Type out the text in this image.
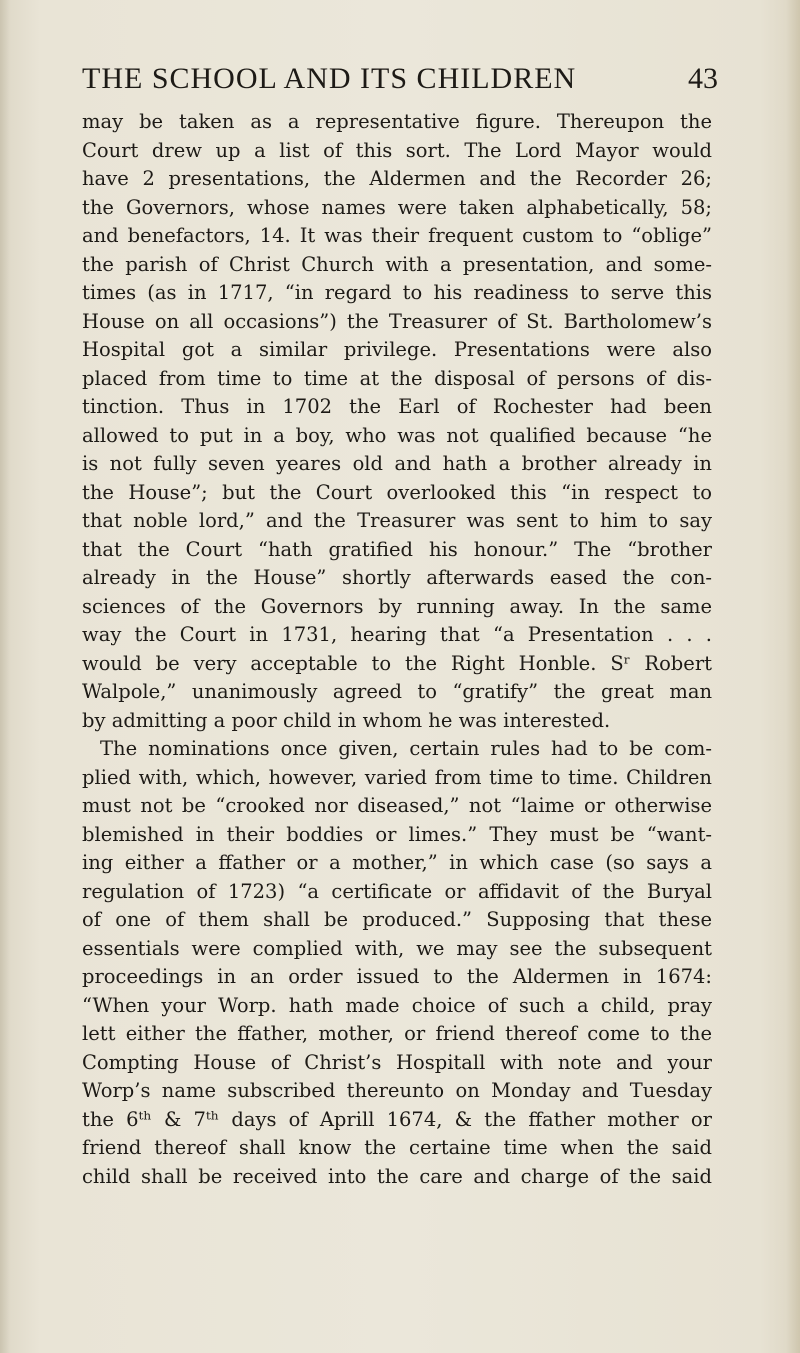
THE SCHOOL AND ITS CHILDREN	43
may be taken as a representative figure. Thereupon the
Court drew up a list of this sort. The Lord Mayor would
have 2 presentations, the Aldermen and the Recorder 26;
the Governors, whose names were taken alphabetically, 58;
and benefactors, 14. It was their frequent custom to “oblige”
the parish of Christ Church with a presentation, and some-
times (as in 1717, “in regard to his readiness to serve this
House on all occasions”) the Treasurer of St. Bartholomew’s
Hospital got a similar privilege. Presentations were also
placed from time to time at the disposal of persons of dis-
tinction. Thus in 1702 the Earl of Rochester had been
allowed to put in a boy, who was not qualified because “he
is not fully seven yeares old and hath a brother already in
the House”; but the Court overlooked this “in respect to
that noble lord,” and the Treasurer was sent to him to say
that the Court “hath gratified his honour.” The “brother
already in the House” shortly afterwards eased the con-
sciences of the Governors by running away. In the same
way the Court in 1731, hearing that “a Presentation . . .
would be very acceptable to the Right Honble. Sʳ Robert
Walpole,” unanimously agreed to “gratify” the great man
by admitting a poor child in whom he was interested.
The nominations once given, certain rules had to be com-
plied with, which, however, varied from time to time. Children
must not be “crooked nor diseased,” not “laime or otherwise
blemished in their boddies or limes.” They must be “want-
ing either a ffather or a mother,” in which case (so says a
regulation of 1723) “a certificate or affidavit of the Buryal
of one of them shall be produced.” Supposing that these
essentials were complied with, we may see the subsequent
proceedings in an order issued to the Aldermen in 1674:
“When your Worp. hath made choice of such a child, pray
lett either the ffather, mother, or friend thereof come to the
Compting House of Christ’s Hospitall with note and your
Worp’s name subscribed thereunto on Monday and Tuesday
the 6ᵗʰ & 7ᵗʰ days of Aprill 1674, & the ffather mother or
friend thereof shall know the certaine time when the said
child shall be received into the care and charge of the said
